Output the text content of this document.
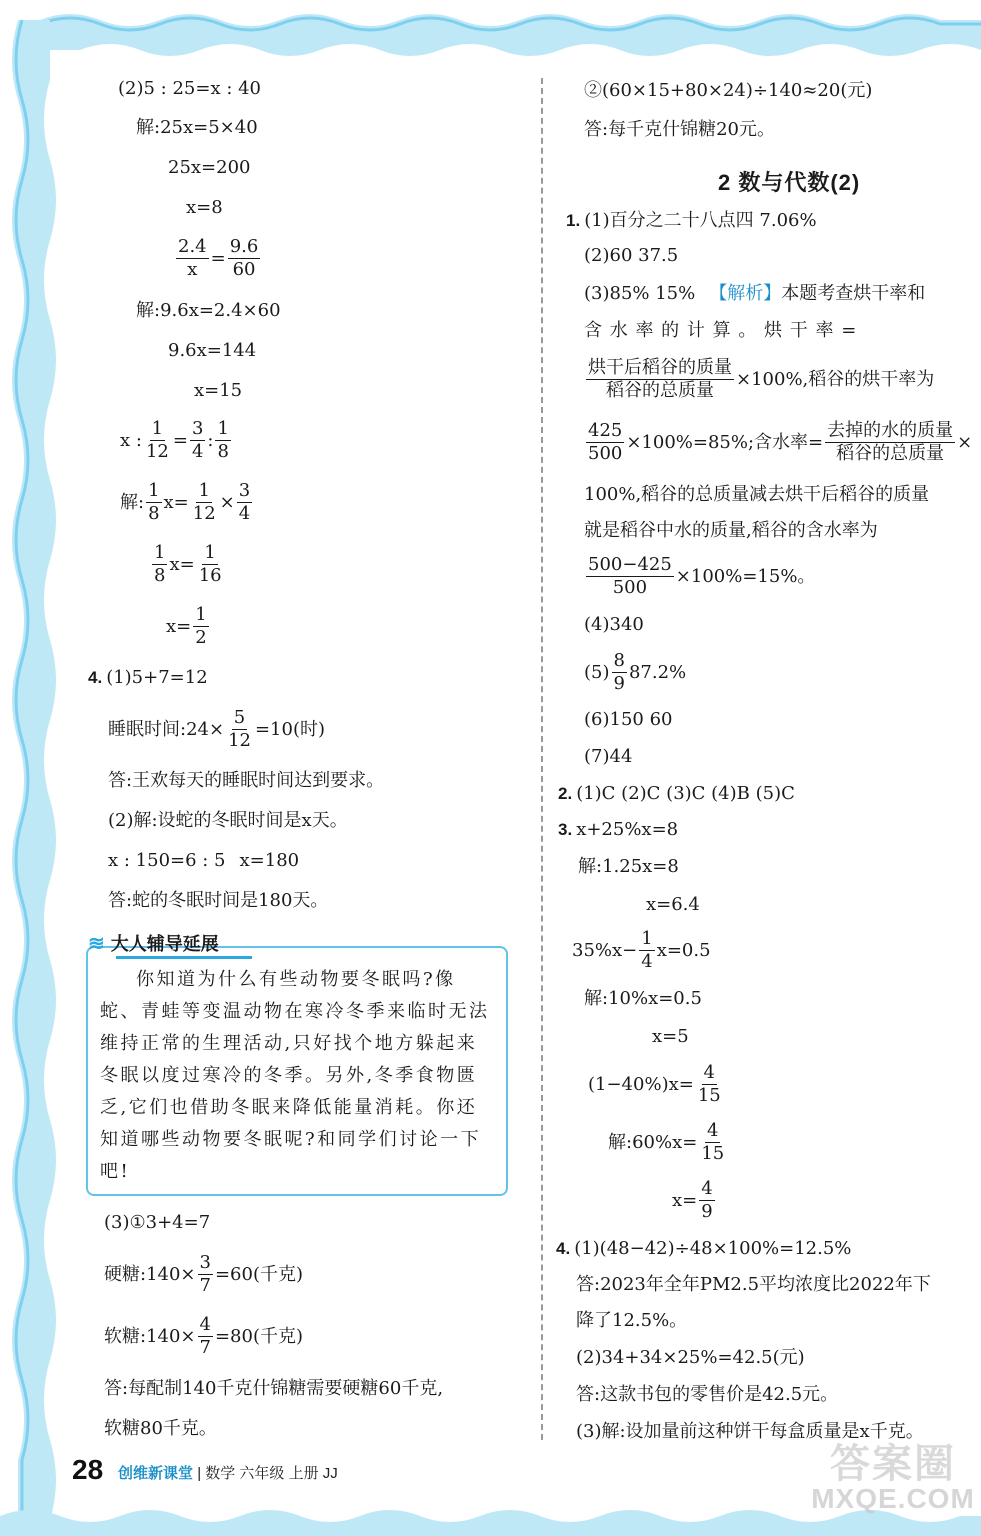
(2)5 : 25=x : 40
解:25x=5×40
25x=200
x=8
$\frac{2.4}{x} = \frac{9.6}{60}$
解:9.6x=2.4×60
9.6x=144
x=15
x : $\frac{1}{12} = \frac{3}{4}$ : $\frac{1}{8}$
解: $\frac{1}{8} x= \frac{1}{12} \times \frac{3}{4}$
$\frac{1}{8} x= \frac{1}{16}$
$x= \frac{1}{2}$
4. (1)5+7=12
睡眠时间:24× $\frac{5}{12} =10$(时)
答:王欢每天的睡眠时间达到要求。
(2)解:设蛇的冬眠时间是x天。
x : 150=6 : 5 x=180
答:蛇的冬眠时间是180天。
≋ 大人辅导延展
你知道为什么有些动物要冬眠吗?像蛇、青蛙等变温动物在寒冷冬季来临时无法维持正常的生理活动,只好找个地方躲起来冬眠以度过寒冷的冬季。另外,冬季食物匮乏,它们也借助冬眠来降低能量消耗。你还知道哪些动物要冬眠呢?和同学们讨论一下吧!
(3)①3+4=7
硬糖:140× $\frac{3}{7} =60$(千克)
软糖:140× $\frac{4}{7} =80$(千克)
答:每配制140千克什锦糖需要硬糖60千克,
软糖80千克。
②(60×15+80×24)÷140≈20(元)
答:每千克什锦糖20元。
2 数与代数(2)
1. (1)百分之二十八点四 7.06%
(2)60 37.5
(3)85% 15% 【解析】 本题考查烘干率和
含 水 率 的 计 算 。 烘 干 率 =
$\frac{\text{烘干后稻谷的质量}}{\text{稻谷的总质量}} \times 100\%$,稻谷的烘干率为
$\frac{425}{500} \times 100\%=85\%$;含水率= $\frac{\text{去掉的水的质量}}{\text{稻谷的总质量}}$ ×
100%,稻谷的总质量减去烘干后稻谷的质量
就是稻谷中水的质量,稻谷的含水率为
$\frac{500-425}{500} \times 100\%=15\%$。
(4)340
$(5) \frac{8}{9} 87.2\%$
(6)150 60
(7)44
2. (1)C (2)C (3)C (4)B (5)C
3. x+25%x=8
解:1.25x=8
x=6.4
$35\%x- \frac{1}{4} x=0.5$
解:10%x=0.5
x=5
$(1-40\%)x= \frac{4}{15}$
解:60%x= $\frac{4}{15}$
$x= \frac{4}{9}$
4. (1)(48−42)÷48×100%=12.5%
答:2023年全年PM2.5平均浓度比2022年下
降了12.5%。
(2)34+34×25%=42.5(元)
答:这款书包的零售价是42.5元。
(3)解:设加量前这种饼干每盒质量是x千克。
28 创维新课堂 | 数学 六年级 上册 JJ	答案圈
MXQE.COM
